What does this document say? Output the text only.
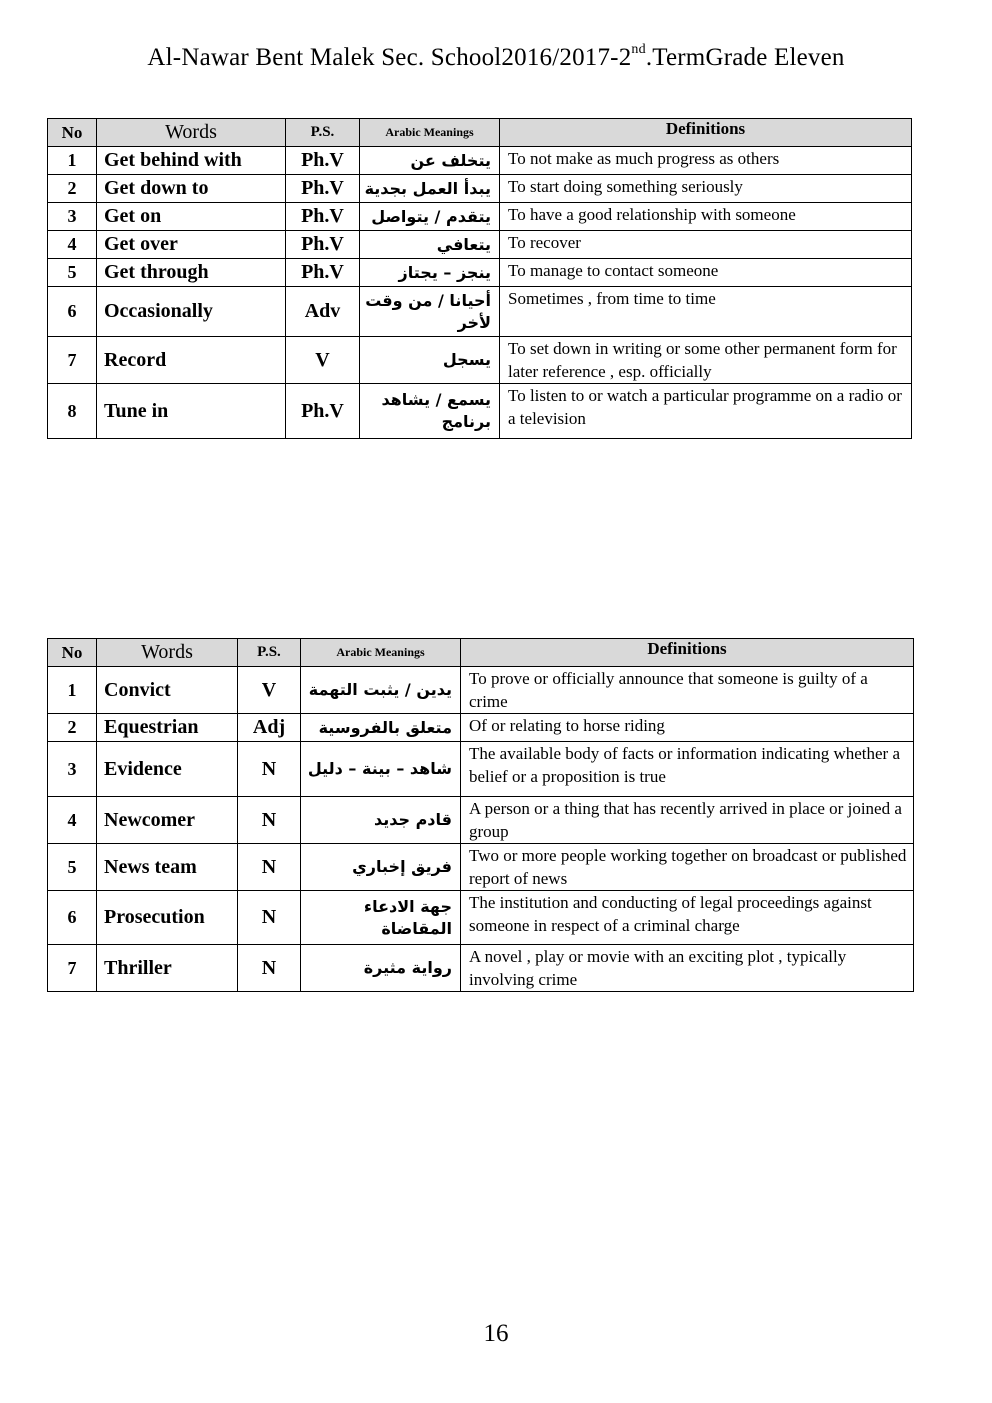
Al-Nawar Bent Malek Sec. School2016/2017-2nd.TermGrade Eleven
No	Words	P.S.	Arabic Meanings	Definitions
1	Get behind with	Ph.V	يتخلف عن	To not make as much progress as others
2	Get down to	Ph.V	يبدأ العمل بجدية	To start doing something seriously
3	Get on	Ph.V	يتقدم / يتواصل	To have a good relationship with someone
4	Get over	Ph.V	يتعافي	To recover
5	Get through	Ph.V	ينجز – يجتاز	To manage to contact someone
6	Occasionally	Adv	أحيانا / من وقت لأخر	Sometimes , from time to time
7	Record	V	يسجل	To set down in writing or some other permanent form for later reference , esp. officially
8	Tune in	Ph.V	يسمع / يشاهد برنامج	To listen to or watch a particular programme on a radio or a television
No	Words	P.S.	Arabic Meanings	Definitions
1	Convict	V	يدين / يثبت التهمة	To prove or officially announce that someone is guilty of a crime
2	Equestrian	Adj	متعلق بالفروسية	Of or relating to horse riding
3	Evidence	N	شاهد – بينة – دليل	The available body of facts or information indicating whether a belief or a proposition is true
4	Newcomer	N	قادم جديد	A person or a thing that has recently arrived in place or joined a group
5	News team	N	فريق إخباري	Two or more people working together on broadcast or published report of news
6	Prosecution	N	جهة الادعاء المقاضاة	The institution and conducting of legal proceedings against someone in respect of a criminal charge
7	Thriller	N	رواية مثيرة	A novel , play or movie with an exciting plot , typically involving crime
16
